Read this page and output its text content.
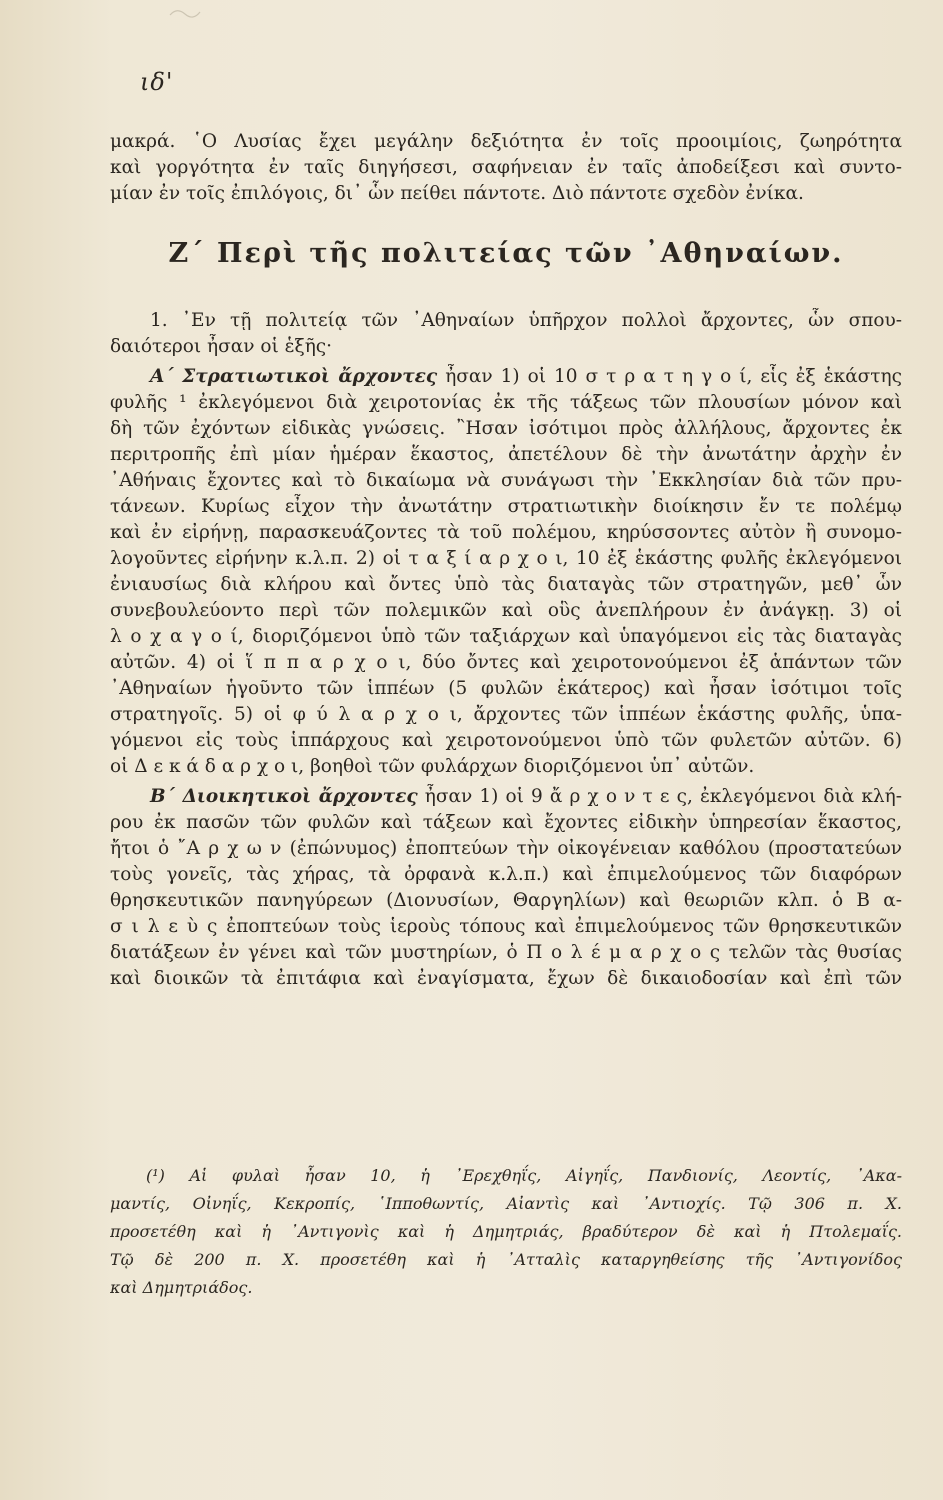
ιδ'
μακρά. ῾Ο Λυσίας ἔχει μεγάλην δεξιότητα ἐν τοῖς προοιμίοις, ζωηρότητα
καὶ γοργότητα ἐν ταῖς διηγήσεσι, σαφήνειαν ἐν ταῖς ἀποδείξεσι καὶ συντο-
μίαν ἐν τοῖς ἐπιλόγοις, δι᾽ ὧν πείθει πάντοτε. Διὸ πάντοτε σχεδὸν ἐνίκα.
Ζ΄ Περὶ τῆς πολιτείας τῶν ᾽Αθηναίων.
1. ᾽Εν τῇ πολιτείᾳ τῶν ᾽Αθηναίων ὑπῆρχον πολλοὶ ἄρχοντες, ὧν σπου-
δαιότεροι ἦσαν οἱ ἑξῆς·
Α΄ Στρατιωτικοὶ ἄρχοντες ἦσαν 1) οἱ 10 σ τ ρ α τ η γ ο ί, εἷς ἐξ ἑκάστης
φυλῆς ¹ ἐκλεγόμενοι διὰ χειροτονίας ἐκ τῆς τάξεως τῶν πλουσίων μόνον καὶ
δὴ τῶν ἐχόντων εἰδικὰς γνώσεις. ῍Ησαν ἰσότιμοι πρὸς ἀλλήλους, ἄρχοντες ἐκ
περιτροπῆς ἐπὶ μίαν ἡμέραν ἕκαστος, ἀπετέλουν δὲ τὴν ἀνωτάτην ἀρχὴν ἐν
᾽Αθήναις ἔχοντες καὶ τὸ δικαίωμα νὰ συνάγωσι τὴν ᾽Εκκλησίαν διὰ τῶν πρυ-
τάνεων. Κυρίως εἶχον τὴν ἀνωτάτην στρατιωτικὴν διοίκησιν ἔν τε πολέμῳ
καὶ ἐν εἰρήνῃ, παρασκευάζοντες τὰ τοῦ πολέμου, κηρύσσοντες αὐτὸν ἢ συνομο-
λογοῦντες εἰρήνην κ.λ.π. 2) οἱ τ α ξ ί α ρ χ ο ι, 10 ἐξ ἑκάστης φυλῆς ἐκλεγόμενοι
ἐνιαυσίως διὰ κλήρου καὶ ὄντες ὑπὸ τὰς διαταγὰς τῶν στρατηγῶν, μεθ᾽ ὧν
συνεβουλεύοντο περὶ τῶν πολεμικῶν καὶ οὓς ἀνεπλήρουν ἐν ἀνάγκῃ. 3) οἱ
λ ο χ α γ ο ί, διοριζόμενοι ὑπὸ τῶν ταξιάρχων καὶ ὑπαγόμενοι εἰς τὰς διαταγὰς
αὐτῶν. 4) οἱ ἵ π π α ρ χ ο ι, δύο ὄντες καὶ χειροτονούμενοι ἐξ ἁπάντων τῶν
᾽Αθηναίων ἡγοῦντο τῶν ἱππέων (5 φυλῶν ἑκάτερος) καὶ ἦσαν ἰσότιμοι τοῖς
στρατηγοῖς. 5) οἱ φ ύ λ α ρ χ ο ι, ἄρχοντες τῶν ἱππέων ἑκάστης φυλῆς, ὑπα-
γόμενοι εἰς τοὺς ἱππάρχους καὶ χειροτονούμενοι ὑπὸ τῶν φυλετῶν αὐτῶν. 6)
οἱ Δ ε κ ά δ α ρ χ ο ι, βοηθοὶ τῶν φυλάρχων διοριζόμενοι ὑπ᾽ αὐτῶν.
Β΄ Διοικητικοὶ ἄρχοντες ἦσαν 1) οἱ 9 ἄ ρ χ ο ν τ ε ς, ἐκλεγόμενοι διὰ κλή-
ρου ἐκ πασῶν τῶν φυλῶν καὶ τάξεων καὶ ἔχοντες εἰδικὴν ὑπηρεσίαν ἕκαστος,
ἤτοι ὁ ῎Α ρ χ ω ν (ἐπώνυμος) ἐποπτεύων τὴν οἰκογένειαν καθόλου (προστατεύων
τοὺς γονεῖς, τὰς χήρας, τὰ ὀρφανὰ κ.λ.π.) καὶ ἐπιμελούμενος τῶν διαφόρων
θρησκευτικῶν πανηγύρεων (Διονυσίων, Θαργηλίων) καὶ θεωριῶν κλπ. ὁ Β α-
σ ι λ ε ὺ ς ἐποπτεύων τοὺς ἱεροὺς τόπους καὶ ἐπιμελούμενος τῶν θρησκευτικῶν
διατάξεων ἐν γένει καὶ τῶν μυστηρίων, ὁ Π ο λ έ μ α ρ χ ο ς τελῶν τὰς θυσίας
καὶ διοικῶν τὰ ἐπιτάφια καὶ ἐναγίσματα, ἔχων δὲ δικαιοδοσίαν καὶ ἐπὶ τῶν
(¹) Αἱ φυλαὶ ἦσαν 10, ἡ ᾽Ερεχθηΐς, Αἰγηΐς, Πανδιονίς, Λεοντίς, ᾽Ακα-
μαντίς, Οἰνηΐς, Κεκροπίς, ῾Ιπποθωντίς, Αἰαντὶς καὶ ᾽Αντιοχίς. Τῷ 306 π. Χ.
προσετέθη καὶ ἡ ᾽Αντιγονὶς καὶ ἡ Δημητριάς, βραδύτερον δὲ καὶ ἡ Πτολεμαΐς.
Τῷ δὲ 200 π. Χ. προσετέθη καὶ ἡ ᾽Ατταλὶς καταργηθείσης τῆς ᾽Αντιγονίδος
καὶ Δημητριάδος.
